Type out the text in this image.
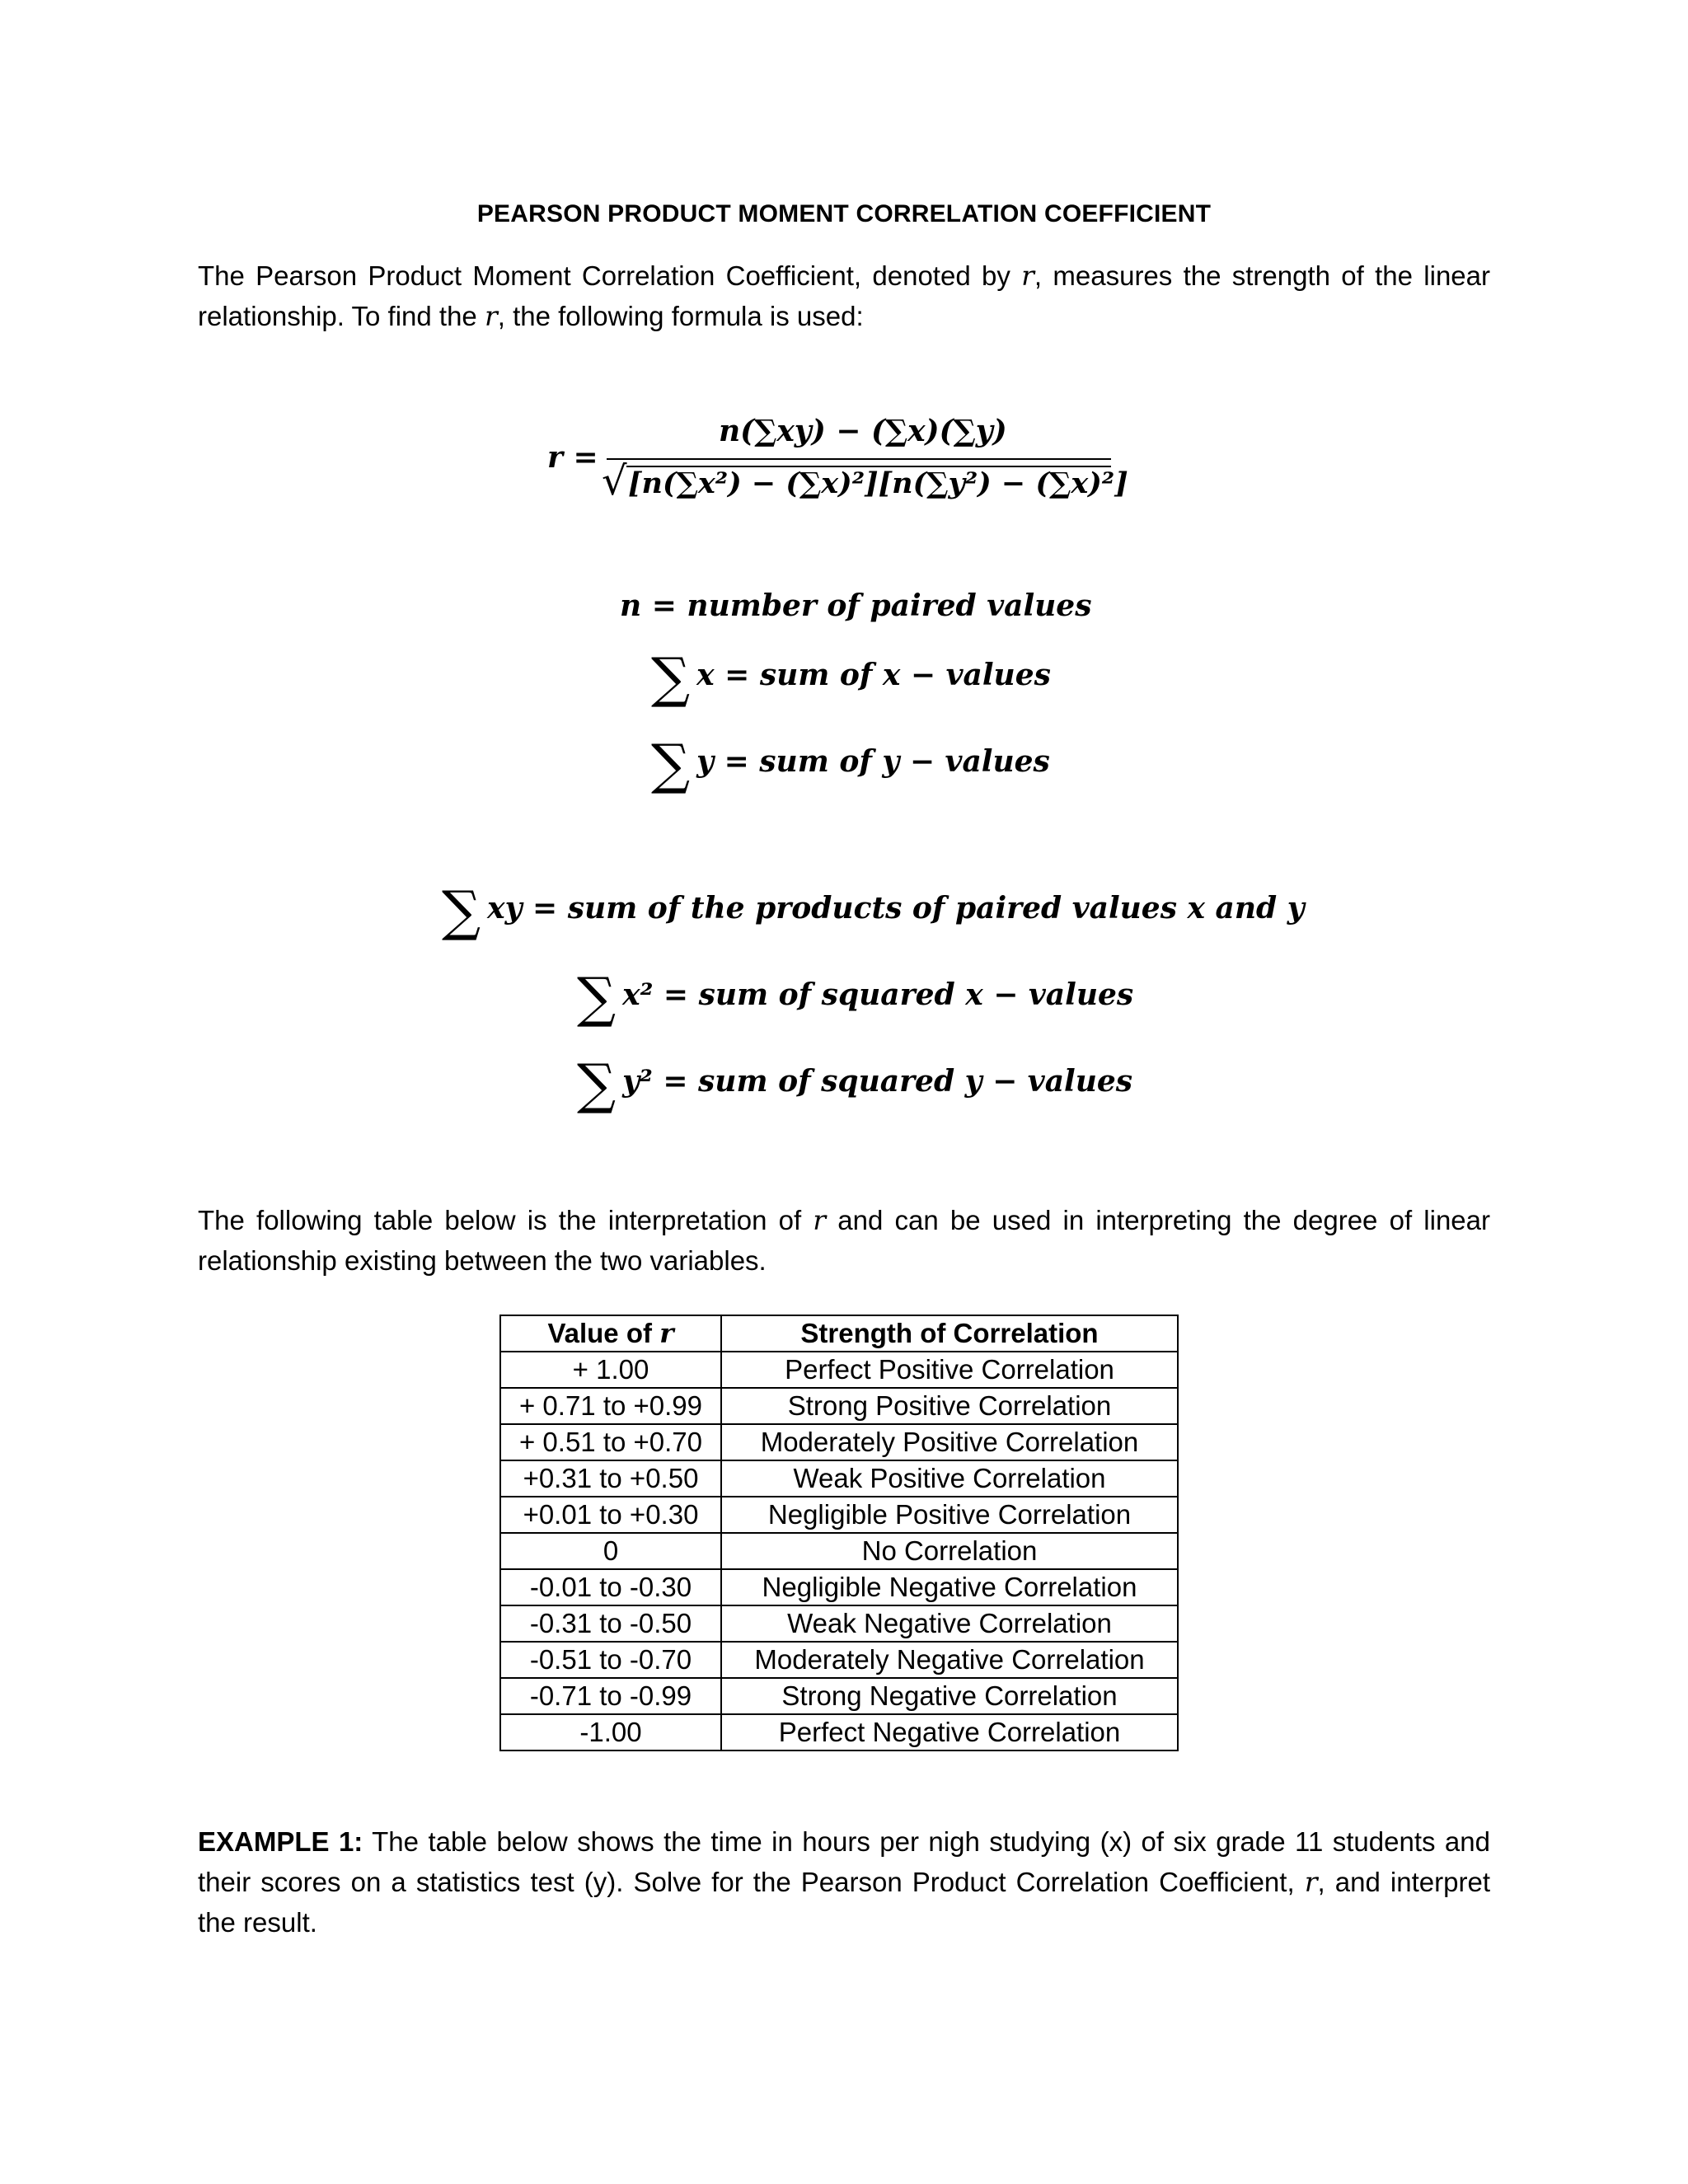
PEARSON PRODUCT MOMENT CORRELATION COEFFICIENT
The Pearson Product Moment Correlation Coefficient, denoted by r, measures the strength of the linear relationship. To find the r, the following formula is used:
r =
n(∑xy) − (∑x)(∑y)
√ [n(∑x²) − (∑x)²][n(∑y²) − (∑x)²]
n = number of paired values
∑ x = sum of x − values
∑ y = sum of y − values
∑ xy = sum of the products of paired values x and y
∑ x² = sum of squared x − values
∑ y² = sum of squared y − values
The following table below is the interpretation of r and can be used in interpreting the degree of linear relationship existing between the two variables.
Value of r	Strength of Correlation
+ 1.00	Perfect Positive Correlation
+ 0.71 to +0.99	Strong Positive Correlation
+ 0.51 to +0.70	Moderately Positive Correlation
+0.31 to +0.50	Weak Positive Correlation
+0.01 to +0.30	Negligible Positive Correlation
0	No Correlation
-0.01 to -0.30	Negligible Negative Correlation
-0.31 to -0.50	Weak Negative Correlation
-0.51 to -0.70	Moderately Negative Correlation
-0.71 to -0.99	Strong Negative Correlation
-1.00	Perfect Negative Correlation
EXAMPLE 1: The table below shows the time in hours per nigh studying (x) of six grade 11 students and their scores on a statistics test (y). Solve for the Pearson Product Correlation Coefficient, r, and interpret the result.
